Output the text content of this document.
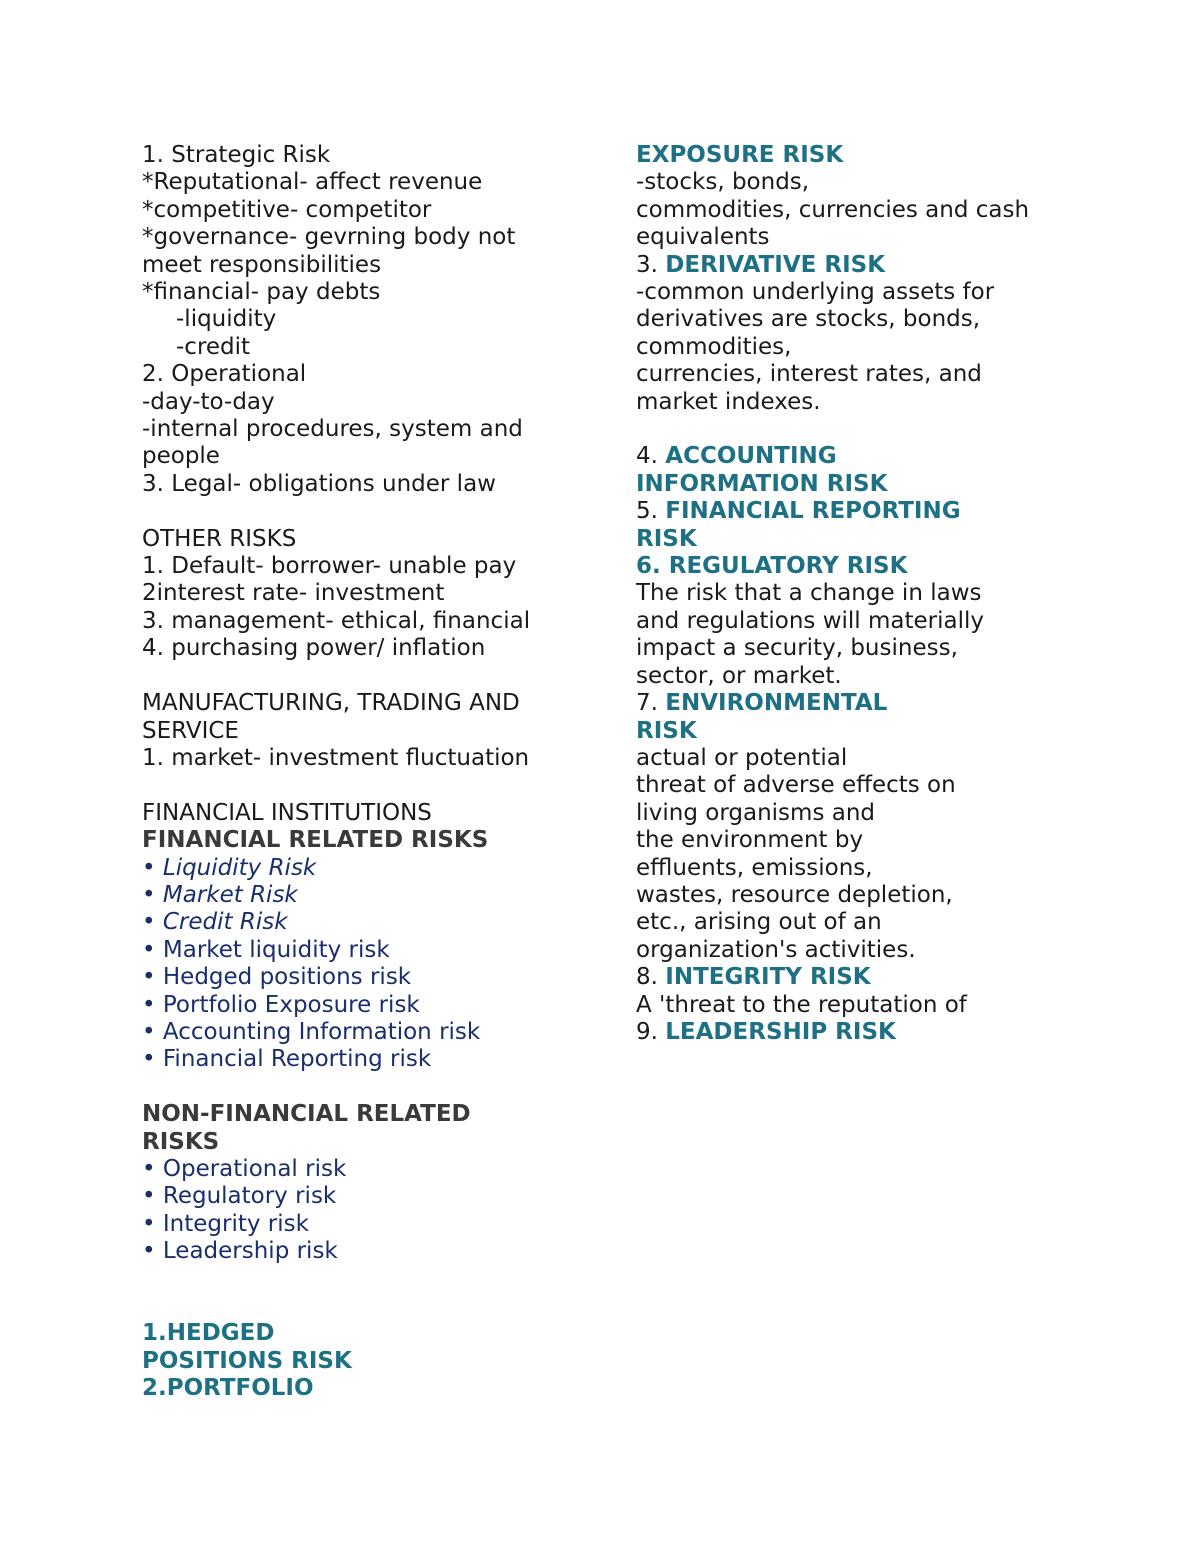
1. Strategic Risk
*Reputational- affect revenue
*competitive- competitor
*governance- gevrning body not
meet responsibilities
*financial- pay debts
-liquidity
-credit
2. Operational
-day-to-day
-internal procedures, system and
people
3. Legal- obligations under law
OTHER RISKS
1. Default- borrower- unable pay
2interest rate- investment
3. management- ethical, financial
4. purchasing power/ inflation
MANUFACTURING, TRADING AND
SERVICE
1. market- investment fluctuation
FINANCIAL INSTITUTIONS
FINANCIAL RELATED RISKS
• Liquidity Risk
• Market Risk
• Credit Risk
• Market liquidity risk
• Hedged positions risk
• Portfolio Exposure risk
• Accounting Information risk
• Financial Reporting risk
NON-FINANCIAL RELATED
RISKS
• Operational risk
• Regulatory risk
• Integrity risk
• Leadership risk
1.HEDGED
POSITIONS RISK
2.PORTFOLIO
EXPOSURE RISK
-stocks, bonds,
commodities, currencies and cash
equivalents
3. DERIVATIVE RISK
-common underlying assets for
derivatives are stocks, bonds,
commodities,
currencies, interest rates, and
market indexes.
4. ACCOUNTING
INFORMATION RISK
5. FINANCIAL REPORTING
RISK
6. REGULATORY RISK
The risk that a change in laws
and regulations will materially
impact a security, business,
sector, or market.
7. ENVIRONMENTAL
RISK
actual or potential
threat of adverse effects on
living organisms and
the environment by
effluents, emissions,
wastes, resource depletion,
etc., arising out of an
organization's activities.
8. INTEGRITY RISK
A 'threat to the reputation of
9. LEADERSHIP RISK
